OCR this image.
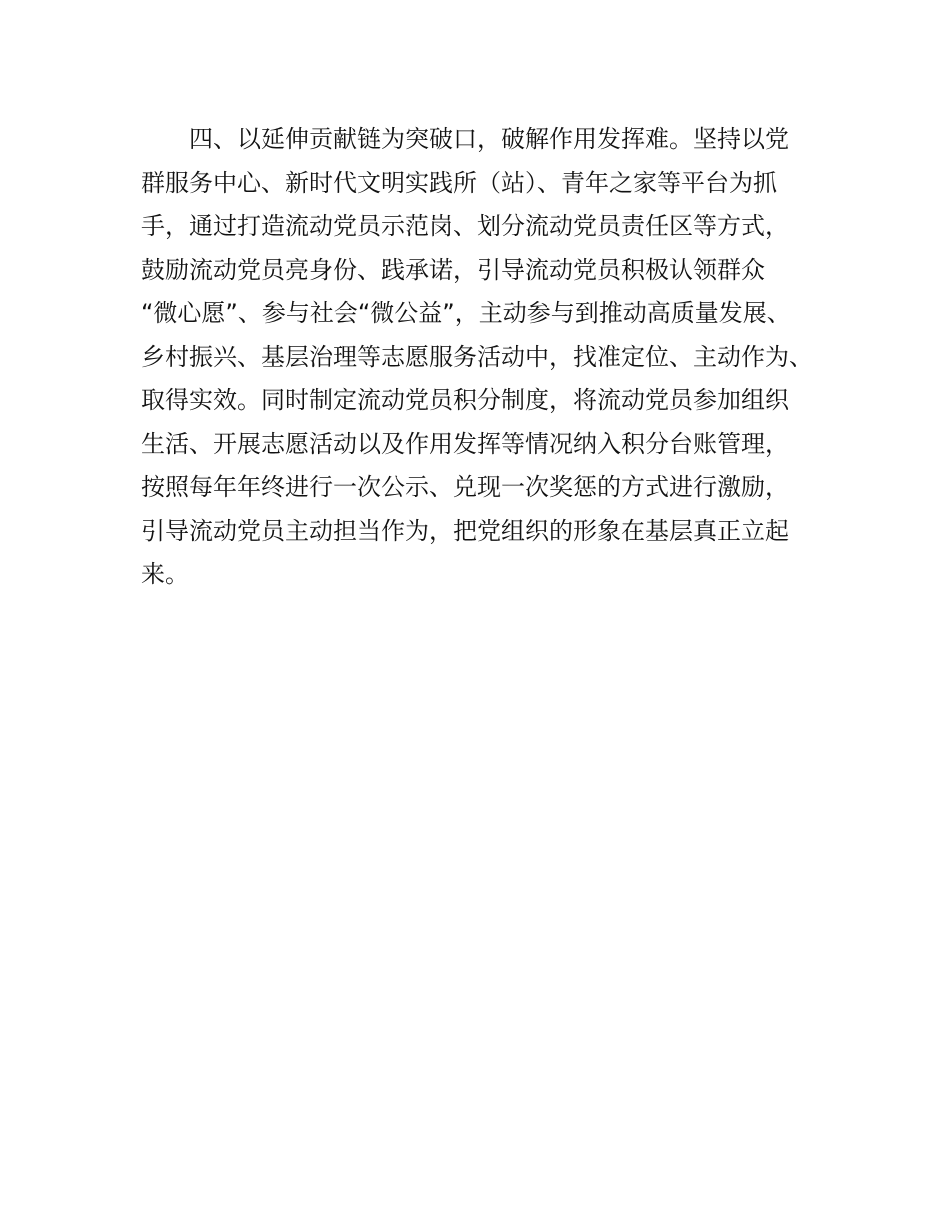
四、以延伸贡献链为突破口，破解作用发挥难。坚持以党
群服务中心、新时代文明实践所（站）、青年之家等平台为抓
手，通过打造流动党员示范岗、划分流动党员责任区等方式，
鼓励流动党员亮身份、践承诺，引导流动党员积极认领群众
“微心愿”、参与社会“微公益”，主动参与到推动高质量发展、
乡村振兴、基层治理等志愿服务活动中，找准定位、主动作为、
取得实效。同时制定流动党员积分制度，将流动党员参加组织
生活、开展志愿活动以及作用发挥等情况纳入积分台账管理，
按照每年年终进行一次公示、兑现一次奖惩的方式进行激励，
引导流动党员主动担当作为，把党组织的形象在基层真正立起
来。
